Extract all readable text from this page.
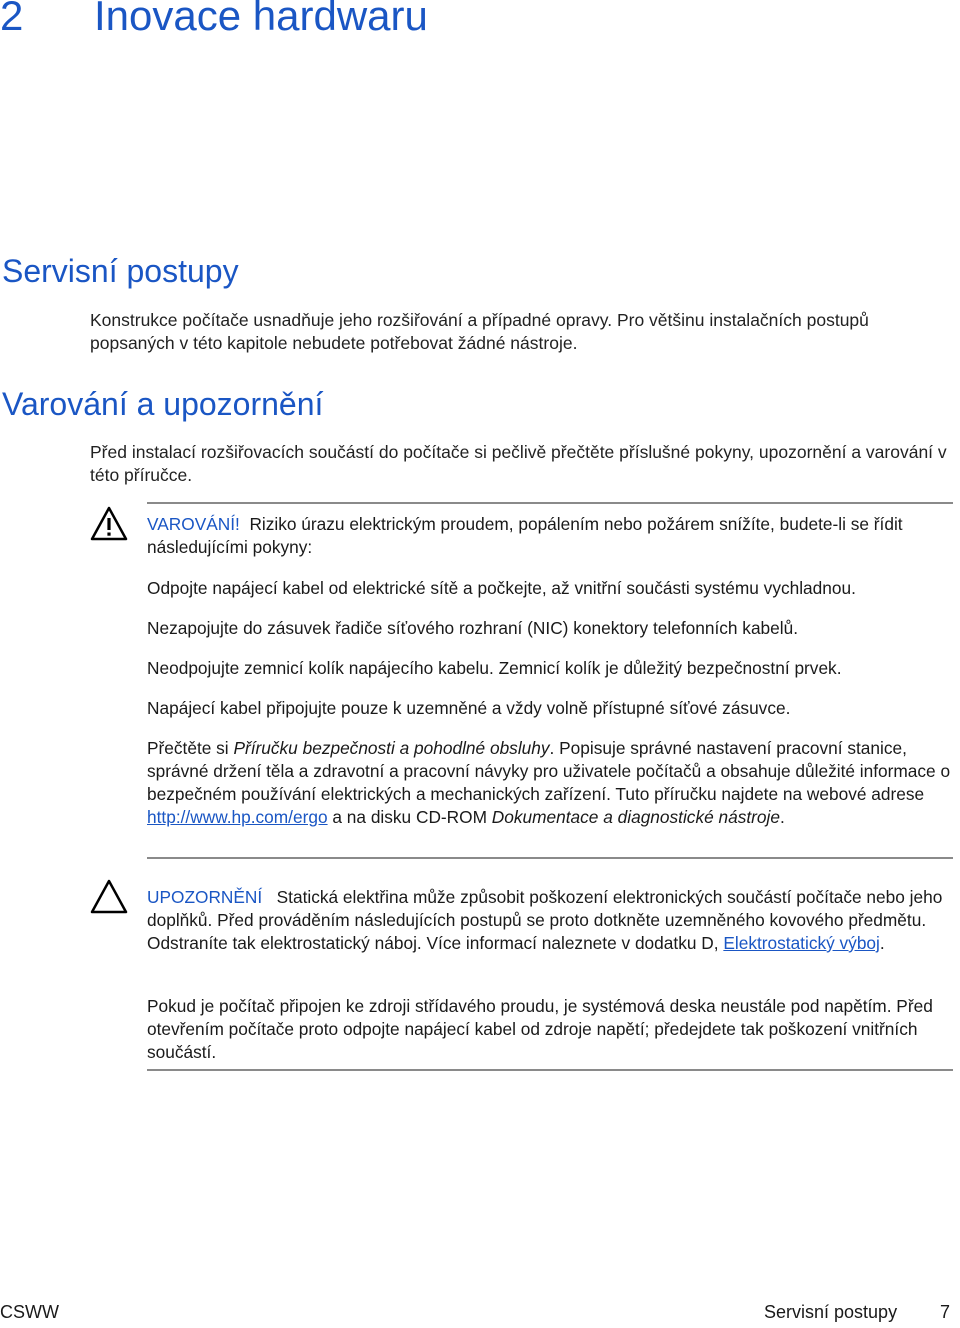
2 Inovace hardwaru
Servisní postupy
Konstrukce počítače usnadňuje jeho rozšiřování a případné opravy. Pro většinu instalačních postupů popsaných v této kapitole nebudete potřebovat žádné nástroje.
Varování a upozornění
Před instalací rozšiřovacích součástí do počítače si pečlivě přečtěte příslušné pokyny, upozornění a varování v této příručce.
VAROVÁNÍ! Riziko úrazu elektrickým proudem, popálením nebo požárem snížíte, budete-li se řídit následujícími pokyny:
Odpojte napájecí kabel od elektrické sítě a počkejte, až vnitřní součásti systému vychladnou.
Nezapojujte do zásuvek řadiče síťového rozhraní (NIC) konektory telefonních kabelů.
Neodpojujte zemnicí kolík napájecího kabelu. Zemnicí kolík je důležitý bezpečnostní prvek.
Napájecí kabel připojujte pouze k uzemněné a vždy volně přístupné síťové zásuvce.
Přečtěte si Příručku bezpečnosti a pohodlné obsluhy. Popisuje správné nastavení pracovní stanice, správné držení těla a zdravotní a pracovní návyky pro uživatele počítačů a obsahuje důležité informace o bezpečném používání elektrických a mechanických zařízení. Tuto příručku najdete na webové adrese http://www.hp.com/ergo a na disku CD-ROM Dokumentace a diagnostické nástroje.
UPOZORNĚNÍ Statická elektřina může způsobit poškození elektronických součástí počítače nebo jeho doplňků. Před prováděním následujících postupů se proto dotkněte uzemněného kovového předmětu. Odstraníte tak elektrostatický náboj. Více informací naleznete v dodatku D, Elektrostatický výboj.
Pokud je počítač připojen ke zdroji střídavého proudu, je systémová deska neustále pod napětím. Před otevřením počítače proto odpojte napájecí kabel od zdroje napětí; předejdete tak poškození vnitřních součástí.
CSWW	Servisní postupy 7
